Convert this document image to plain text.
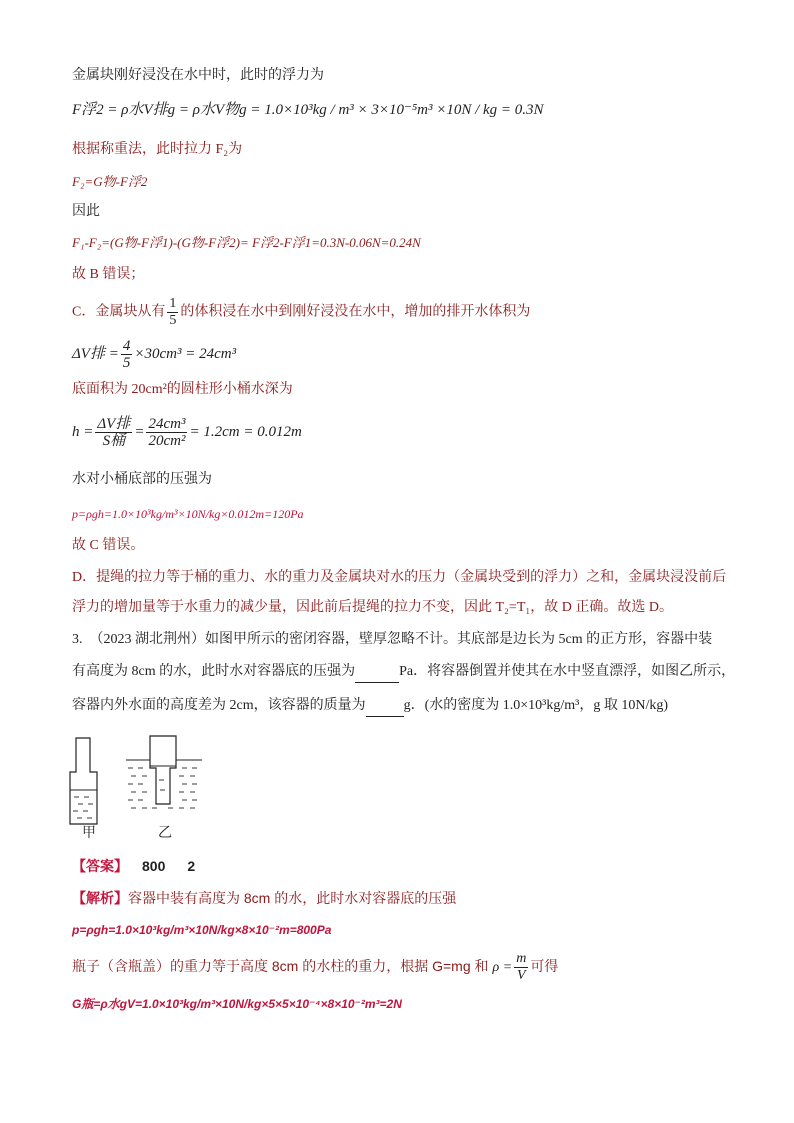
金属块刚好浸没在水中时，此时的浮力为
F浮2 = ρ水V排g = ρ水V物g = 1.0×10³kg / m³ × 3×10⁻⁵m³ ×10N / kg = 0.3N
根据称重法，此时拉力 F₂为
F₂=G物-F浮2
因此
F₁-F₂=(G物-F浮1)-(G物-F浮2)= F浮2-F浮1=0.3N-0.06N=0.24N
故 B 错误；
C．金属块从有 $\frac{1}{5}$ 的体积浸在水中到刚好浸没在水中，增加的排开水体积为
ΔV排 = $\frac{4}{5} \times 30cm^3 = 24cm^3$
底面积为 20cm²的圆柱形小桶水深为
$h = \frac{\text{ΔV排}}{\text{S桶}} = \frac{\text{24cm³}}{\text{20cm²}} = 1.2cm = 0.012m$
水对小桶底部的压强为
p=ρgh=1.0×10³kg/m³×10N/kg×0.012m=120Pa
故 C 错误。
D．提绳的拉力等于桶的重力、水的重力及金属块对水的压力（金属块受到的浮力）之和，金属块浸没前后
浮力的增加量等于水重力的减少量，因此前后提绳的拉力不变，因此 T₂=T₁，故 D 正确。故选 D。
3.　（2023 湖北荆州）如图甲所示的密闭容器，壁厚忽略不计。其底部是边长为 5cm 的正方形，容器中装
有高度为 8cm 的水，此时水对容器底的压强为	Pa．将容器倒置并使其在水中竖直漂浮，如图乙所示，
容器内外水面的高度差为 2cm，该容器的质量为	g．(水的密度为 1.0×10³kg/m³，g 取 10N/kg)
甲	乙
【答案】 800 2
【解析】容器中装有高度为 8cm 的水，此时水对容器底的压强
p=ρgh=1.0×10³kg/m³×10N/kg×8×10⁻²m=800Pa
瓶子（含瓶盖）的重力等于高度 8cm 的水柱的重力，根据 G=mg 和 $\rho = \frac{m}{V}$ 可得
G瓶=ρ水gV=1.0×10³kg/m³×10N/kg×5×5×10⁻⁴×8×10⁻²m³=2N
